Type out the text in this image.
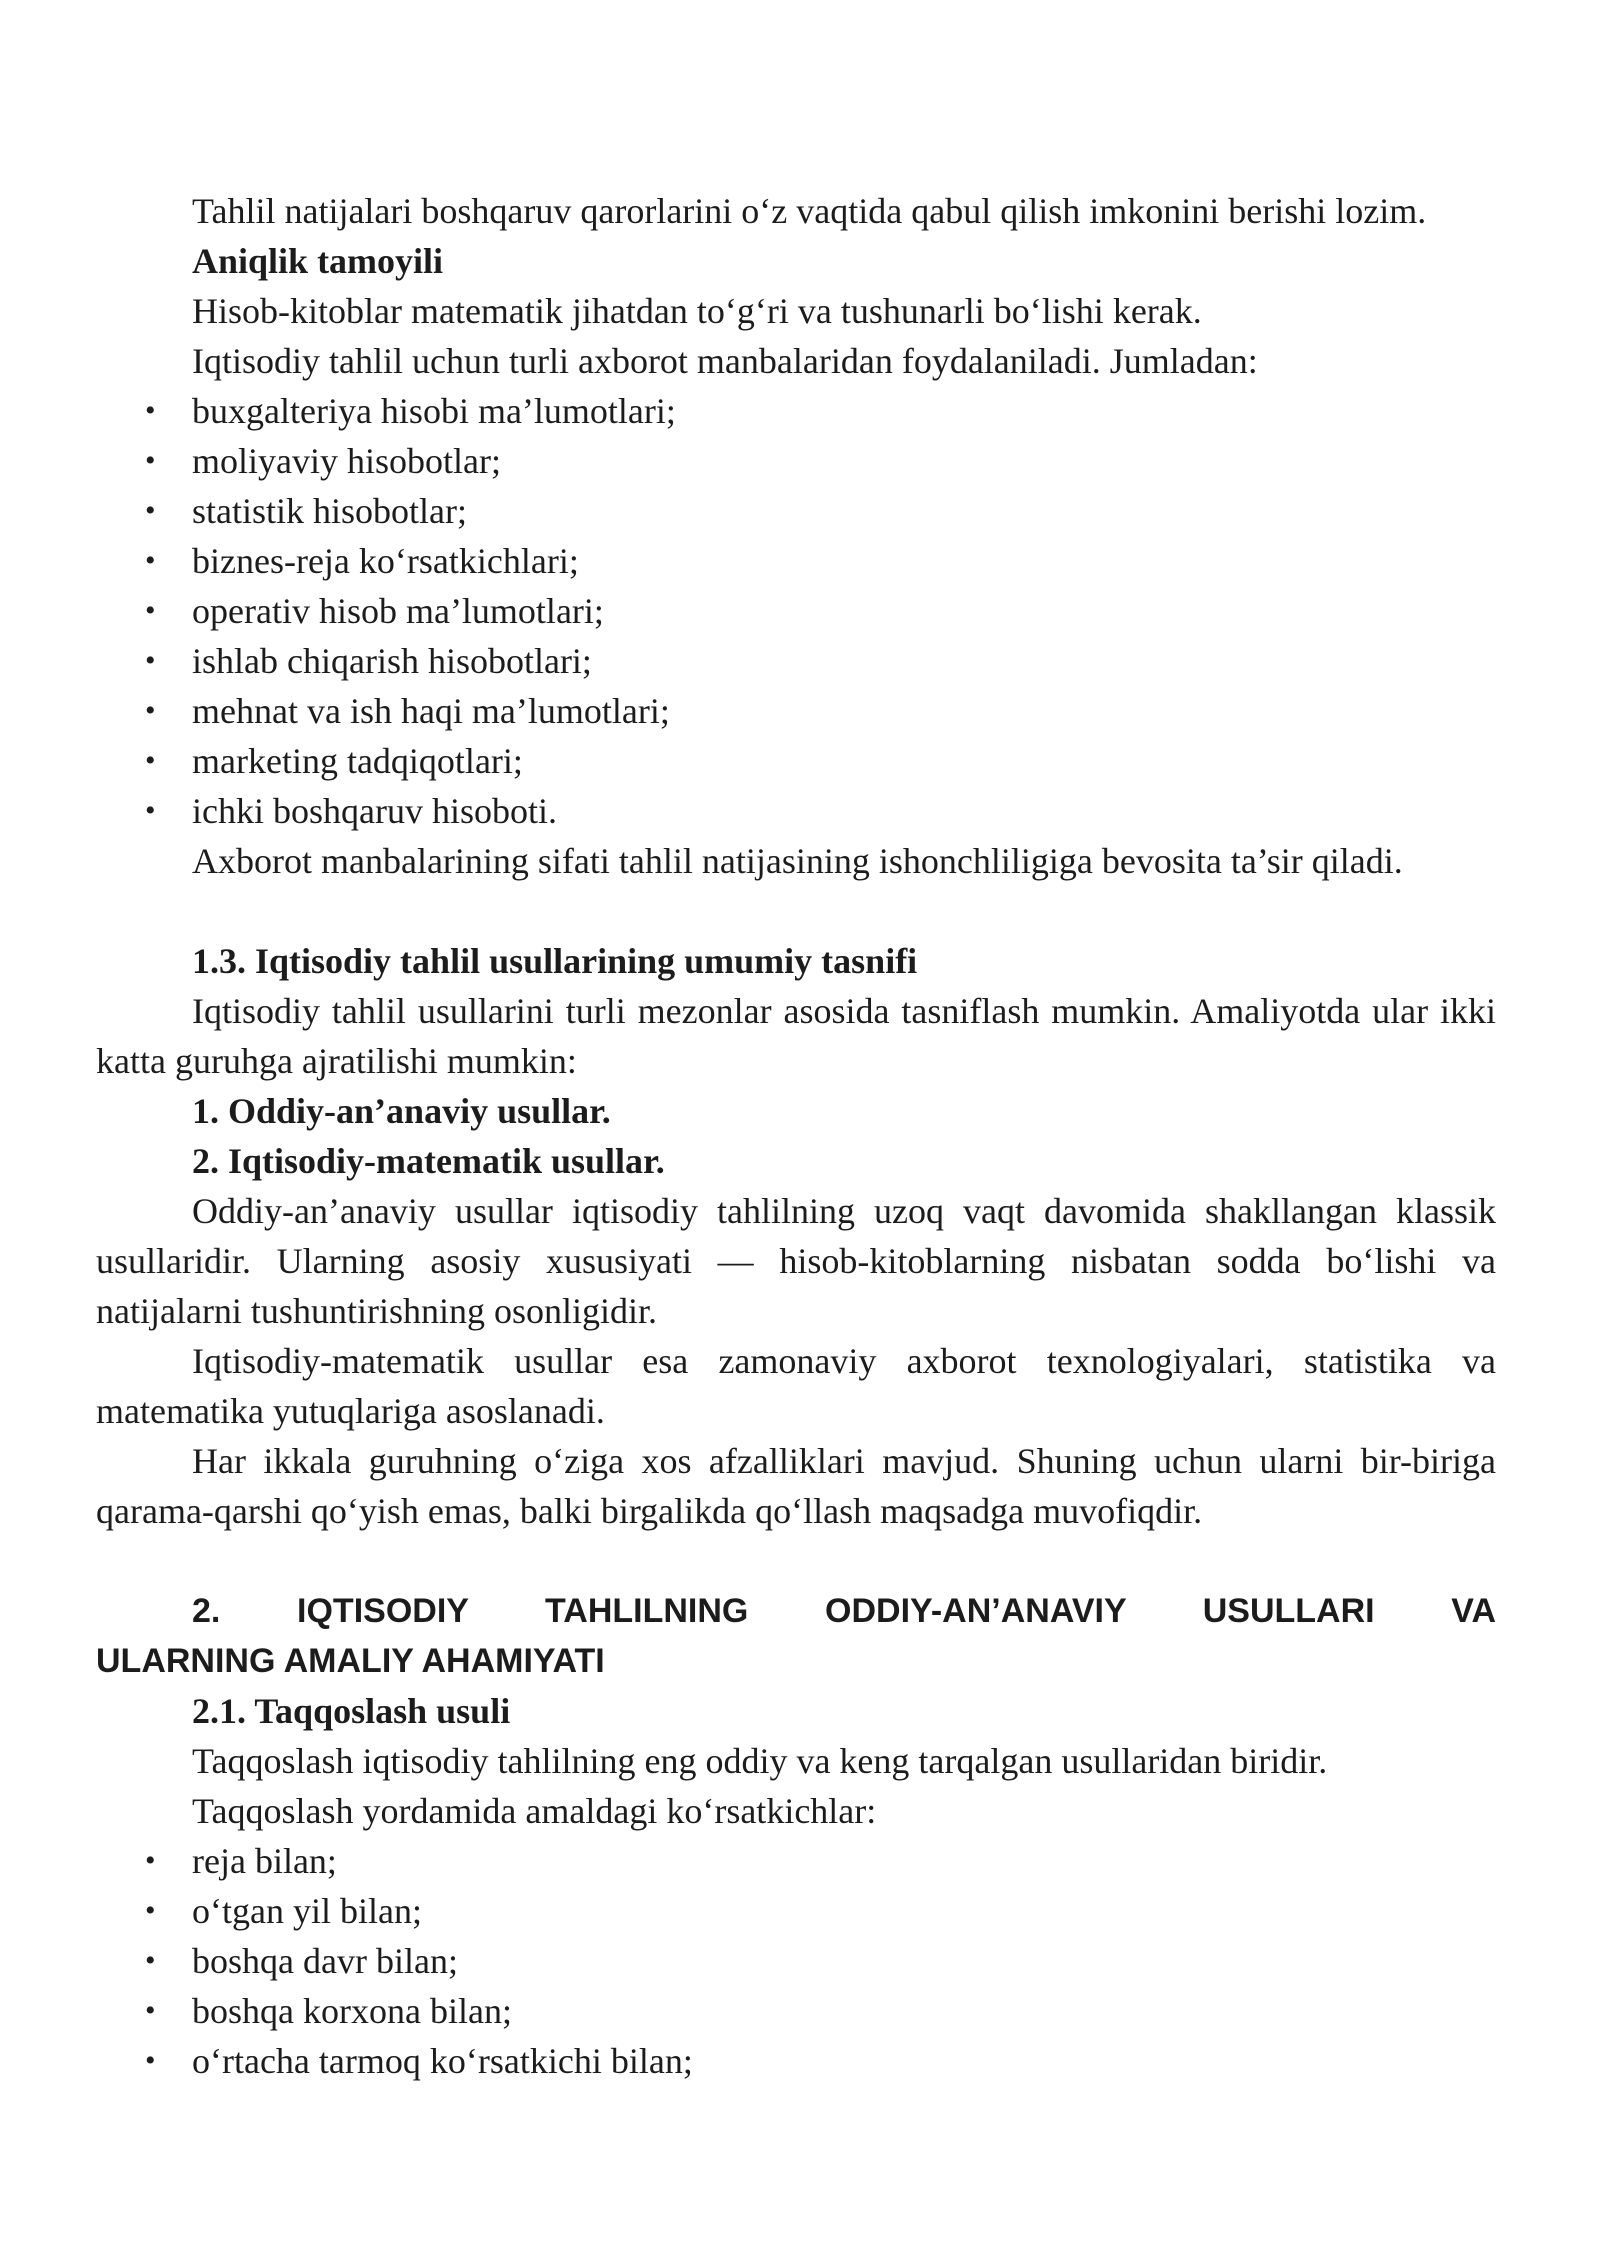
Tahlil natijalari boshqaruv qarorlarini o‘z vaqtida qabul qilish imkonini berishi lozim.

Aniqlik tamoyili

Hisob-kitoblar matematik jihatdan to‘g‘ri va tushunarli bo‘lishi kerak.

Iqtisodiy tahlil uchun turli axborot manbalaridan foydalaniladi. Jumladan:

• buxgalteriya hisobi ma’lumotlari;
• moliyaviy hisobotlar;
• statistik hisobotlar;
• biznes-reja ko‘rsatkichlari;
• operativ hisob ma’lumotlari;
• ishlab chiqarish hisobotlari;
• mehnat va ish haqi ma’lumotlari;
• marketing tadqiqotlari;
• ichki boshqaruv hisoboti.

Axborot manbalarining sifati tahlil natijasining ishonchliligiga bevosita ta’sir qiladi.

1.3. Iqtisodiy tahlil usullarining umumiy tasnifi

Iqtisodiy tahlil usullarini turli mezonlar asosida tasniflash mumkin. Amaliyotda ular ikki katta guruhga ajratilishi mumkin:

1. Oddiy-an’anaviy usullar.

2. Iqtisodiy-matematik usullar.

Oddiy-an’anaviy usullar iqtisodiy tahlilning uzoq vaqt davomida shakllangan klassik usullaridir. Ularning asosiy xususiyati — hisob-kitoblarning nisbatan sodda bo‘lishi va natijalarni tushuntirishning osonligidir.

Iqtisodiy-matematik usullar esa zamonaviy axborot texnologiyalari, statistika va matematika yutuqlariga asoslanadi.

Har ikkala guruhning o‘ziga xos afzalliklari mavjud. Shuning uchun ularni bir-biriga qarama-qarshi qo‘yish emas, balki birgalikda qo‘llash maqsadga muvofiqdir.

2. IQTISODIY TAHLILNING ODDIY-AN’ANAVIY USULLARI VA

ULARNING AMALIY AHAMIYATI

2.1. Taqqoslash usuli

Taqqoslash iqtisodiy tahlilning eng oddiy va keng tarqalgan usullaridan biridir.

Taqqoslash yordamida amaldagi ko‘rsatkichlar:

• reja bilan;
• o‘tgan yil bilan;
• boshqa davr bilan;
• boshqa korxona bilan;
• o‘rtacha tarmoq ko‘rsatkichi bilan;
